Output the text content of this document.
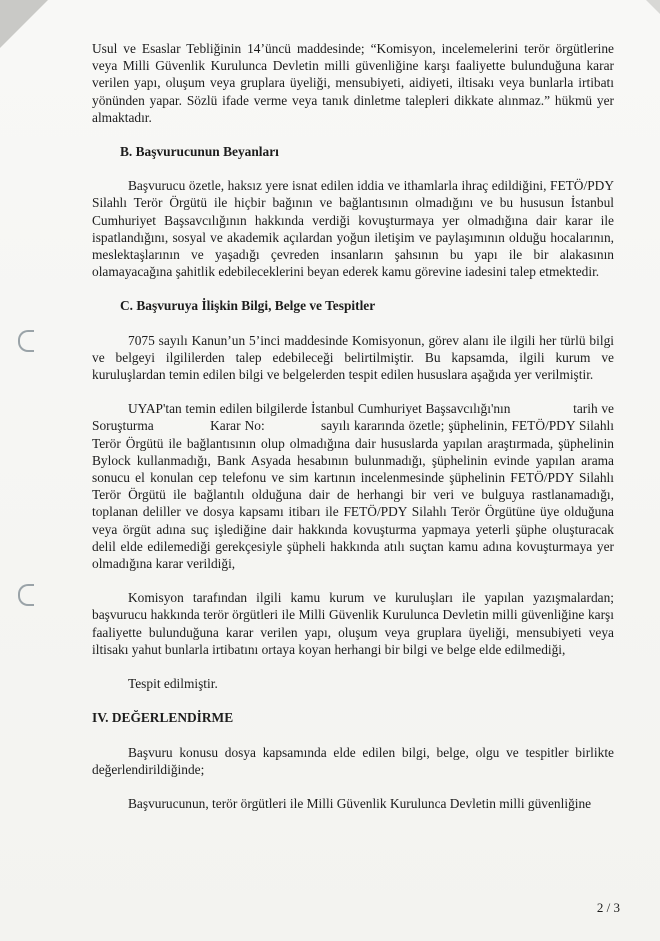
Usul ve Esaslar Tebliğinin 14’üncü maddesinde; “Komisyon, incelemelerini terör örgütlerine veya Milli Güvenlik Kurulunca Devletin milli güvenliğine karşı faaliyette bulunduğuna karar verilen yapı, oluşum veya gruplara üyeliği, mensubiyeti, aidiyeti, iltisakı veya bunlarla irtibatı yönünden yapar. Sözlü ifade verme veya tanık dinletme talepleri dikkate alınmaz.” hükmü yer almaktadır.

B. Başvurucunun Beyanları

Başvurucu özetle, haksız yere isnat edilen iddia ve ithamlarla ihraç edildiğini, FETÖ/PDY Silahlı Terör Örgütü ile hiçbir bağının ve bağlantısının olmadığını ve bu hususun İstanbul Cumhuriyet Başsavcılığının hakkında verdiği kovuşturmaya yer olmadığına dair karar ile ispatlandığını, sosyal ve akademik açılardan yoğun iletişim ve paylaşımının olduğu hocalarının, meslektaşlarının ve yaşadığı çevreden insanların şahsının bu yapı ile bir alakasının olamayacağına şahitlik edebileceklerini beyan ederek kamu görevine iadesini talep etmektedir.

C. Başvuruya İlişkin Bilgi, Belge ve Tespitler

7075 sayılı Kanun’un 5’inci maddesinde Komisyonun, görev alanı ile ilgili her türlü bilgi ve belgeyi ilgililerden talep edebileceği belirtilmiştir. Bu kapsamda, ilgili kurum ve kuruluşlardan temin edilen bilgi ve belgelerden tespit edilen hususlara aşağıda yer verilmiştir.

UYAP'tan temin edilen bilgilerde İstanbul Cumhuriyet Başsavcılığı'nın                 tarih ve Soruşturma              Karar No:              sayılı kararında özetle; şüphelinin, FETÖ/PDY Silahlı Terör Örgütü ile bağlantısının olup olmadığına dair hususlarda yapılan araştırmada, şüphelinin Bylock kullanmadığı, Bank Asyada hesabının bulunmadığı, şüphelinin evinde yapılan arama sonucu el konulan cep telefonu ve sim kartının incelenmesinde şüphelinin FETÖ/PDY Silahlı Terör Örgütü ile bağlantılı olduğuna dair de herhangi bir veri ve bulguya rastlanamadığı, toplanan deliller ve dosya kapsamı itibarı ile FETÖ/PDY Silahlı Terör Örgütüne üye olduğuna veya örgüt adına suç işlediğine dair hakkında kovuşturma yapmaya yeterli şüphe oluşturacak delil elde edilemediği gerekçesiyle şüpheli hakkında atılı suçtan kamu adına kovuşturmaya yer olmadığına karar verildiği,

Komisyon tarafından ilgili kamu kurum ve kuruluşları ile yapılan yazışmalardan; başvurucu hakkında terör örgütleri ile Milli Güvenlik Kurulunca Devletin milli güvenliğine karşı faaliyette bulunduğuna karar verilen yapı, oluşum veya gruplara üyeliği, mensubiyeti veya iltisakı yahut bunlarla irtibatını ortaya koyan herhangi bir bilgi ve belge elde edilmediği,

Tespit edilmiştir.

IV. DEĞERLENDİRME

Başvuru konusu dosya kapsamında elde edilen bilgi, belge, olgu ve tespitler birlikte değerlendirildiğinde;

Başvurucunun, terör örgütleri ile Milli Güvenlik Kurulunca Devletin milli güvenliğine

2 / 3
